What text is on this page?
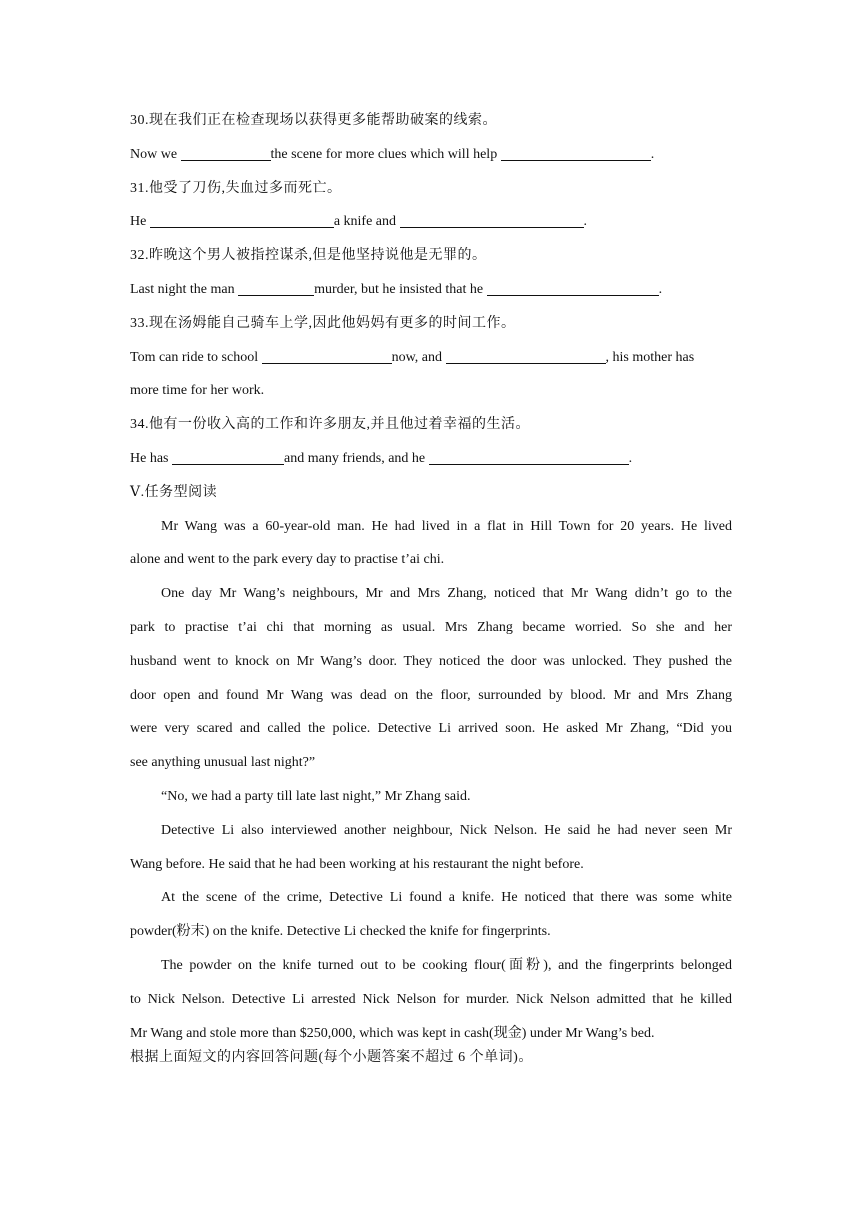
30.现在我们正在检查现场以获得更多能帮助破案的线索。
Now we	the scene for more clues which will help	.
31.他受了刀伤,失血过多而死亡。
He	a knife and	.
32.昨晚这个男人被指控谋杀,但是他坚持说他是无罪的。
Last night the man	murder, but he insisted that he	.
33.现在汤姆能自己骑车上学,因此他妈妈有更多的时间工作。
Tom can ride to school	now, and	, his mother has
more time for her work.
34.他有一份收入高的工作和许多朋友,并且他过着幸福的生活。
He has	and many friends, and he	.
Ⅴ.任务型阅读
Mr Wang was a 60-year-old man. He had lived in a flat in Hill Town for 20 years. He lived
alone and went to the park every day to practise t’ai chi.
One day Mr Wang’s neighbours, Mr and Mrs Zhang, noticed that Mr Wang didn’t go to the
park to practise t’ai chi that morning as usual. Mrs Zhang became worried. So she and her
husband went to knock on Mr Wang’s door. They noticed the door was unlocked. They pushed the
door open and found Mr Wang was dead on the floor, surrounded by blood. Mr and Mrs Zhang
were very scared and called the police. Detective Li arrived soon. He asked Mr Zhang, “Did you
see anything unusual last night?”
“No, we had a party till late last night,” Mr Zhang said.
Detective Li also interviewed another neighbour, Nick Nelson. He said he had never seen Mr
Wang before. He said that he had been working at his restaurant the night before.
At the scene of the crime, Detective Li found a knife. He noticed that there was some white
powder(粉末) on the knife. Detective Li checked the knife for fingerprints.
The powder on the knife turned out to be cooking flour(面粉), and the fingerprints belonged
to Nick Nelson. Detective Li arrested Nick Nelson for murder. Nick Nelson admitted that he killed
Mr Wang and stole more than $250,000, which was kept in cash(现金) under Mr Wang’s bed.
根据上面短文的内容回答问题(每个小题答案不超过 6 个单词)。
